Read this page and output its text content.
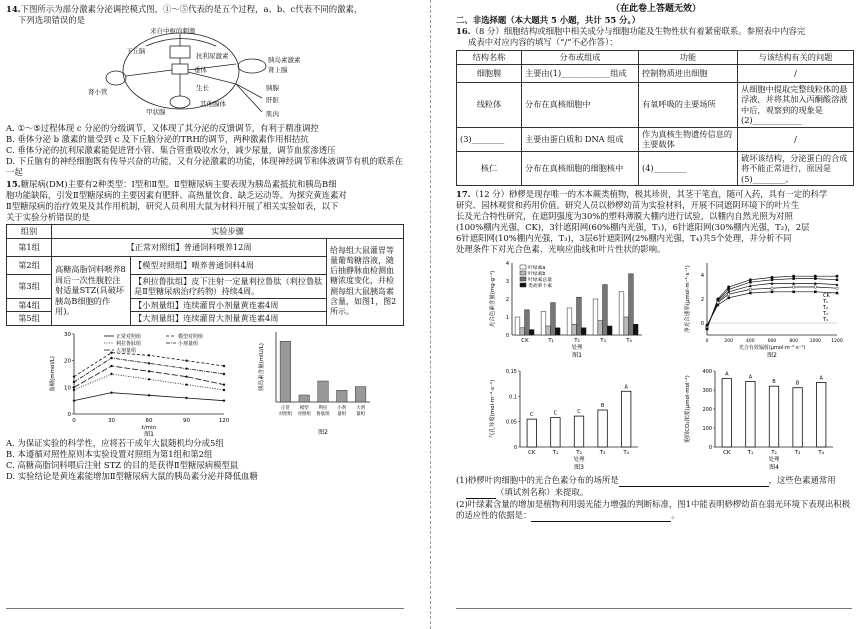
14.下图所示为部分激素分泌调控模式图，①～⑤代表的是五个过程，a、b、c代表不同的激素，

下列选项错误的是

来自中枢的刺激
下丘脑
垂体
肾小管
抗利尿激素	胰岛素激素
肾上腺
甲状腺
生长
其他腺体
胰腺
肝脏
肌肉

A. ①～⑤过程体现 c 分泌的分级调节，又体现了其分泌的反馈调节，有利于精准调控

B. 垂体分泌 b 激素的量受到 c 及下丘脑分泌的TRH的调节，两种激素作用相拮抗

C. 垂体分泌的抗利尿激素能促进肾小管、集合管重吸收水分，减少尿量，调节血浆渗透压

D. 下丘脑有的神经细胞既有传导兴奋的功能，又有分泌激素的功能，体现神经调节和体液调节有机的联系在一起

15.糖尿病(DM)主要有2种类型：Ⅰ型和Ⅱ型。Ⅱ型糖尿病主要表现为胰岛素抵抗和胰岛B细

胞功能缺陷，引发Ⅱ型糖尿病的主要因素有肥胖、高热量饮食、缺乏运动等。为探究黄连素对

Ⅱ型糖尿病的治疗效果及其作用机制，研究人员利用大鼠为材料开展了相关实验如表，以下

关于实验分析错误的是

组别	实验步骤		
第1组	【正常对照组】普通饲料喂养12周		给每组大鼠灌胃等量葡萄糖溶液，随后抽静脉血检测血糖浓度变化，并检测每组大鼠胰岛素含量，如图1，图2所示。
第2组	高糖高脂饲料喂养8周后一次性腹腔注射适量STZ(具破坏胰岛B细胞的作用)。	【模型对照组】喂养普通饲料4周	
第3组		【利拉鲁肽组】皮下注射一定量利拉鲁肽（利拉鲁肽是Ⅱ型糖尿病治疗药物）持续4周。	
第4组		【小剂量组】连续灌胃小剂量黄连素4周	
第5组		【大剂量组】连续灌胃大剂量黄连素4周	
0
10
20
30
0	30	60	90	120
t/min
血糖(mmol/L)
正常对照组	模型对照组
利拉鲁肽组	小剂量组
大剂量组
图1
正常
对照组
模型
对照组
利拉
鲁肽组
小剂
量组
大剂
量组
胰岛素含量(mIU/L)
图2

A. 为保证实验的科学性，应将若干成年大鼠随机均分成5组

B. 本遵循对照性原则本实验设置对照组为第1组和第2组

C. 高糖高脂饲料喂后注射 STZ 的目的是获得Ⅱ型糖尿病模型鼠

D. 实验结论是黄连素能增加Ⅱ型糖尿病大鼠的胰岛素分泌并降低血糖

（在此卷上答题无效）

二、非选择题（本大题共 5 小题，共计 55 分。）

16.（8 分）细胞结构或细胞中相关成分与细胞功能及生物性状有着紧密联系。参照表中内容完

成表中对应内容的填写（“/”不必作答）：

结构名称	分布或组成	功能	与该结构有关的问题
细胞膜	主要由(1)____________组成	控制物质进出细胞	/
线粒体	分布在真核细胞中	有氧呼吸的主要场所	从细胞中提取完整线粒体的悬浮液，并将其加入丙酮酸溶液中后，观察到的现象是(2)____________
(3)________	主要由蛋白质和 DNA 组成	作为真核生物遗传信息的主要载体	/
核仁	分布在真核细胞的细胞核中	(4)________	破坏该结构，分泌蛋白的合成将不能正常进行，原因是(5)________。

17.（12 分）桫椤是现存唯一的木本蕨类植物，极其珍贵，其茎干笔直，随可入药，具有一定的科学

研究、园林观赏和药用价值。研究人员以桫椤幼苗为实验材料，开展不同遮阴环境下的叶片生

长及光合特性研究，在遮阴强度为30%的塑料薄膜大棚内进行试验，以棚内自然光照为对照

(100%棚内光强，CK)，3针遮阳网(60%棚内光强，T₁)，6针遮阳网(30%棚内光强，T₂)，2层

6针遮阳网(10%棚内光强，T₃)，3层6针遮阳网(2%棚内光强，T₄)共5个处理，并分析不同

处理条件下对光合色素、光响应曲线和叶片性状的影响。

0
1
2
3
4
CK	T₁	T₂	T₃	T₄
叶绿素a
叶绿素b
叶绿素总量
类胡萝卜素
光合色素含量(mg·g⁻¹)
处理
图1
0
2
4
0	200	400	600	800	1000 1200
CK
T₁
T₂
T₃
T₄
净光合速率(μmol·m⁻²·s⁻¹)
光合有效辐射(μmol·m⁻²·s⁻¹)
图2
0
0.05
0.1
0.15
C
CK
C
T₁
C
T₂
B
T₃
A
T₄
气孔导度(mol·m⁻²·s⁻¹)
处理
图3
0
100
200
300
400	A
CK
A
T₁
B
T₂
B
T₃
A
T₄
胞间CO₂浓度(μmol·mol⁻¹)
处理
图4

(1)桫椤叶肉细胞中的光合色素分布的场所是	，这些色素通常用

（填试剂名称）来提取。

(2)叶绿素含量的增加是植物利用弱光能力增强的判断标准，图1中能表明桫椤幼苗在弱光环境下表现出积极的适应性的依据是：	。
